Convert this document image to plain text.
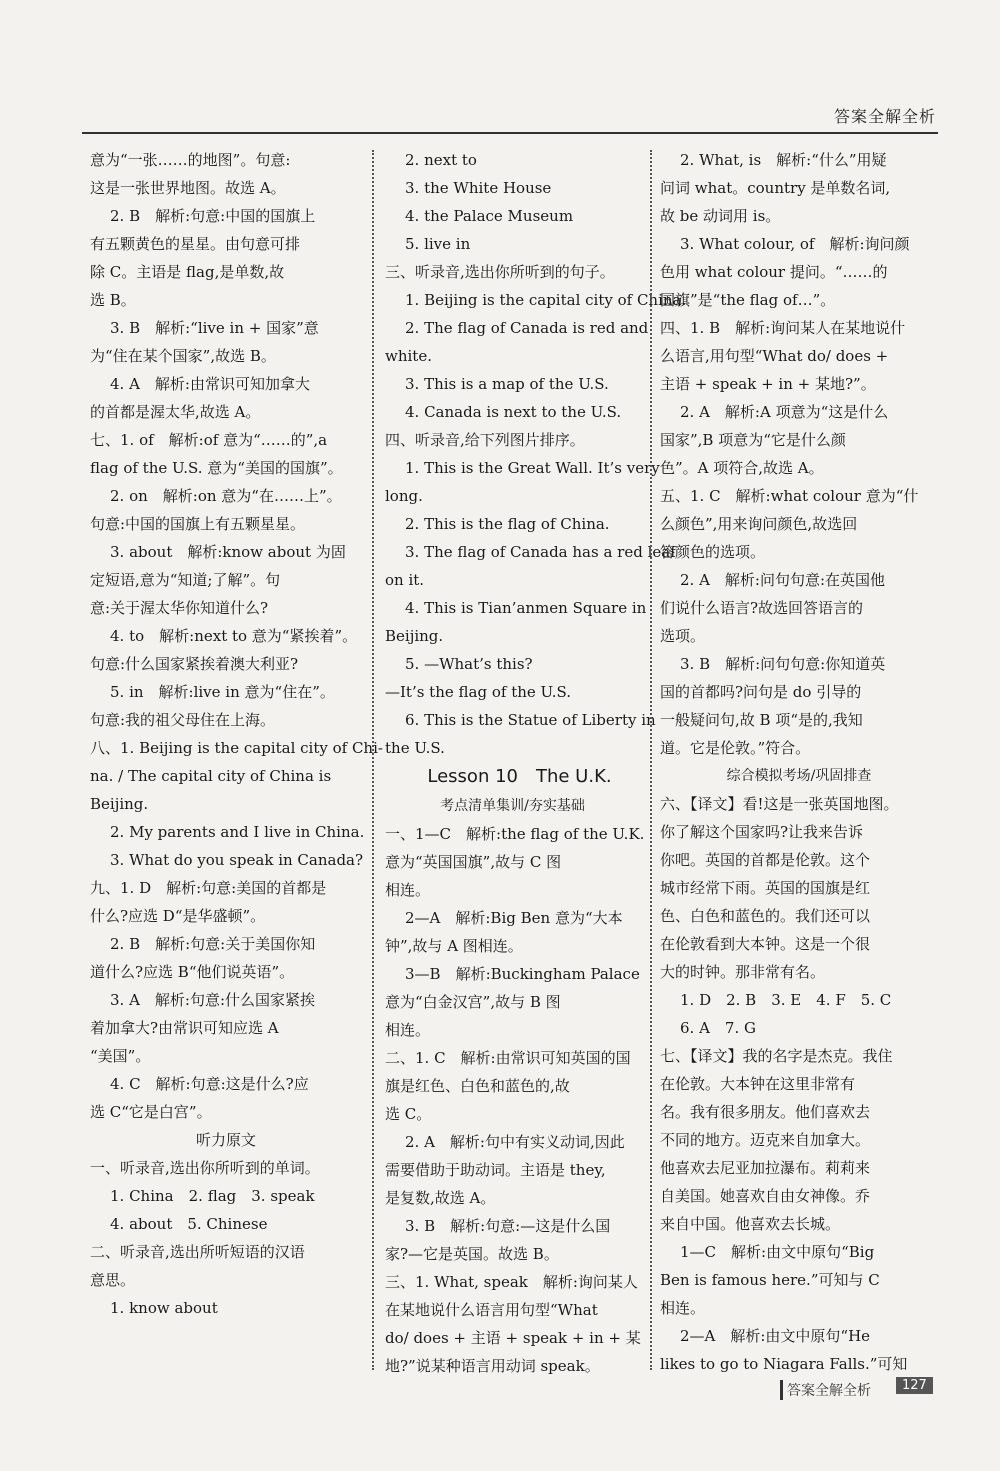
答案全解全析
意为“一张……的地图”。句意:
这是一张世界地图。故选 A。
2. B　解析:句意:中国的国旗上
有五颗黄色的星星。由句意可排
除 C。主语是 flag,是单数,故
选 B。
3. B　解析:“live in + 国家”意
为“住在某个国家”,故选 B。
4. A　解析:由常识可知加拿大
的首都是渥太华,故选 A。
七、1. of　解析:of 意为“……的”,a
flag of the U.S. 意为“美国的国旗”。
2. on　解析:on 意为“在……上”。
句意:中国的国旗上有五颗星星。
3. about　解析:know about 为固
定短语,意为“知道;了解”。句
意:关于渥太华你知道什么?
4. to　解析:next to 意为“紧挨着”。
句意:什么国家紧挨着澳大利亚?
5. in　解析:live in 意为“住在”。
句意:我的祖父母住在上海。
八、1. Beijing is the capital city of Chi-
na. / The capital city of China is
Beijing.
2. My parents and I live in China.
3. What do you speak in Canada?
九、1. D　解析:句意:美国的首都是
什么?应选 D“是华盛顿”。
2. B　解析:句意:关于美国你知
道什么?应选 B“他们说英语”。
3. A　解析:句意:什么国家紧挨
着加拿大?由常识可知应选 A
“美国”。
4. C　解析:句意:这是什么?应
选 C“它是白宫”。
听力原文
一、听录音,选出你所听到的单词。
1. China　2. flag　3. speak
4. about　5. Chinese
二、听录音,选出所听短语的汉语
意思。
1. know about
2. next to
3. the White House
4. the Palace Museum
5. live in
三、听录音,选出你所听到的句子。
1. Beijing is the capital city of China.
2. The flag of Canada is red and
white.
3. This is a map of the U.S.
4. Canada is next to the U.S.
四、听录音,给下列图片排序。
1. This is the Great Wall. It’s very
long.
2. This is the flag of China.
3. The flag of Canada has a red leaf
on it.
4. This is Tian’anmen Square in
Beijing.
5. —What’s this?
—It’s the flag of the U.S.
6. This is the Statue of Liberty in
the U.S.
Lesson 10　The U.K.
考点清单集训/夯实基础
一、1—C　解析:the flag of the U.K.
意为“英国国旗”,故与 C 图
相连。
2—A　解析:Big Ben 意为“大本
钟”,故与 A 图相连。
3—B　解析:Buckingham Palace
意为“白金汉宫”,故与 B 图
相连。
二、1. C　解析:由常识可知英国的国
旗是红色、白色和蓝色的,故
选 C。
2. A　解析:句中有实义动词,因此
需要借助于助动词。主语是 they,
是复数,故选 A。
3. B　解析:句意:—这是什么国
家?—它是英国。故选 B。
三、1. What, speak　解析:询问某人
在某地说什么语言用句型“What
do/ does + 主语 + speak + in + 某
地?”说某种语言用动词 speak。
2. What, is　解析:“什么”用疑
问词 what。country 是单数名词,
故 be 动词用 is。
3. What colour, of　解析:询问颜
色用 what colour 提问。“……的
国旗”是“the flag of…”。
四、1. B　解析:询问某人在某地说什
么语言,用句型“What do/ does +
主语 + speak + in + 某地?”。
2. A　解析:A 项意为“这是什么
国家”,B 项意为“它是什么颜
色”。A 项符合,故选 A。
五、1. C　解析:what colour 意为“什
么颜色”,用来询问颜色,故选回
答颜色的选项。
2. A　解析:问句句意:在英国他
们说什么语言?故选回答语言的
选项。
3. B　解析:问句句意:你知道英
国的首都吗?问句是 do 引导的
一般疑问句,故 B 项“是的,我知
道。它是伦敦。”符合。
综合模拟考场/巩固排查
六、【译文】看!这是一张英国地图。
你了解这个国家吗?让我来告诉
你吧。英国的首都是伦敦。这个
城市经常下雨。英国的国旗是红
色、白色和蓝色的。我们还可以
在伦敦看到大本钟。这是一个很
大的时钟。那非常有名。
1. D　2. B　3. E　4. F　5. C
6. A　7. G
七、【译文】我的名字是杰克。我住
在伦敦。大本钟在这里非常有
名。我有很多朋友。他们喜欢去
不同的地方。迈克来自加拿大。
他喜欢去尼亚加拉瀑布。莉莉来
自美国。她喜欢自由女神像。乔
来自中国。他喜欢去长城。
1—C　解析:由文中原句“Big
Ben is famous here.”可知与 C
相连。
2—A　解析:由文中原句“He
likes to go to Niagara Falls.”可知
答案全解全析	127
